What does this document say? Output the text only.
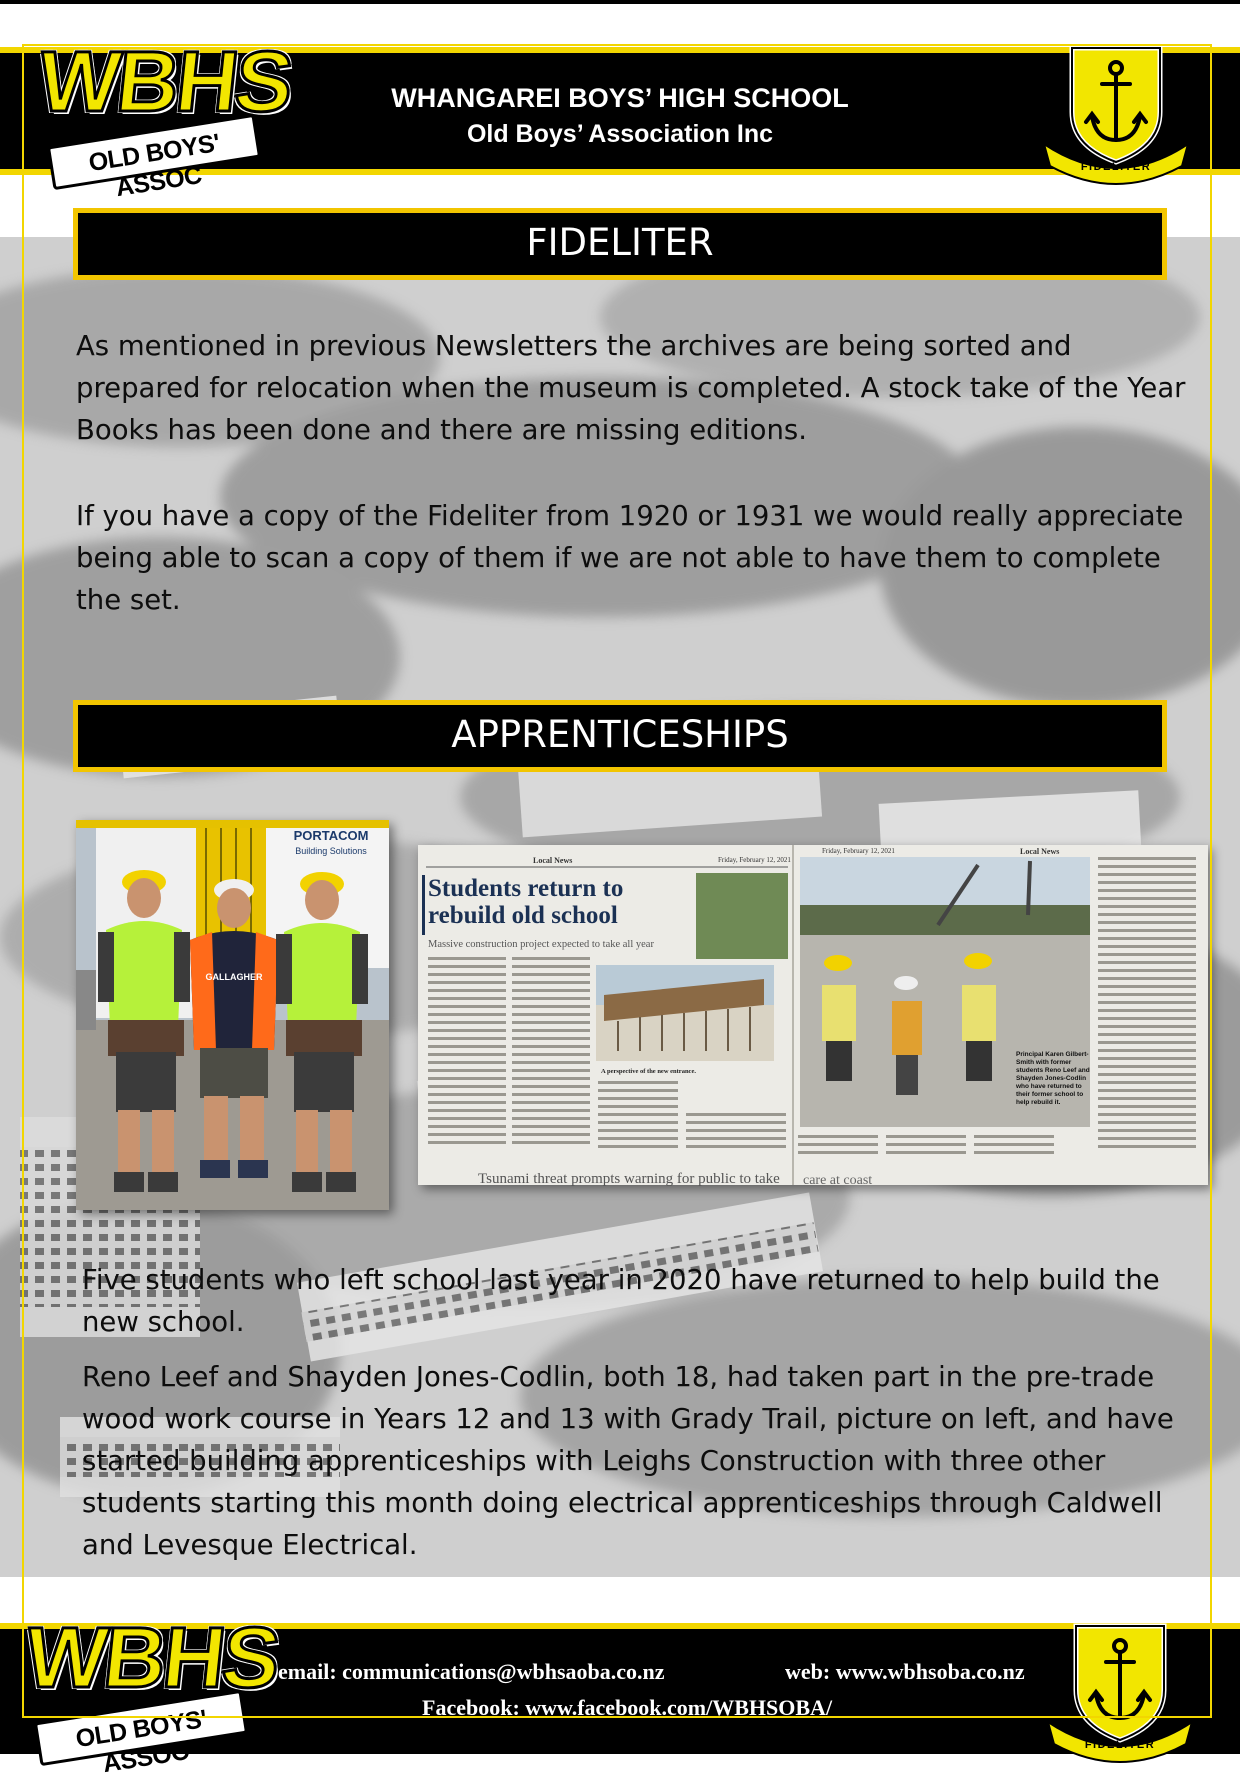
WHANGAREI BOYS’ HIGH SCHOOL
Old Boys’ Association Inc
WBHS
OLD BOYS' ASSOC	FIDELITER
FIDELITER

As mentioned in previous Newsletters the archives are being sorted and prepared for relocation when the museum is completed. A stock take of the Year Books has been done and there are missing editions.

If you have a copy of the Fideliter from 1920 or 1931 we would really appreciate being able to scan a copy of them if we are not able to have them to complete the set.

APPRENTICESHIPS
PORTACOM
Building Solutions
GALLAGHER
Local News	Friday, February 12, 2021
Friday, February 12, 2021	Local News
Students return to rebuild old school
Massive construction project expected to take all year
A perspective of the new entrance.
Principal Karen Gilbert-Smith with former students Reno Leef and Shayden Jones-Codlin who have returned to their former school to help rebuild it.
Tsunami threat prompts warning for public to take care at coast

Five students who left school last year in 2020 have returned to help build the new school.

Reno Leef and Shayden Jones-Codlin, both 18, had taken part in the pre-trade wood work course in Years 12 and 13 with Grady Trail, picture on left, and have started building apprenticeships with Leighs Construction with three other students starting this month doing electrical apprenticeships through Caldwell and Levesque Electrical.

email: communications@wbhsaoba.co.nz	web: www.wbhsoba.co.nz
Facebook: www.facebook.com/WBHSOBA/
WBHS
OLD BOYS' ASSOC	FIDELITER
